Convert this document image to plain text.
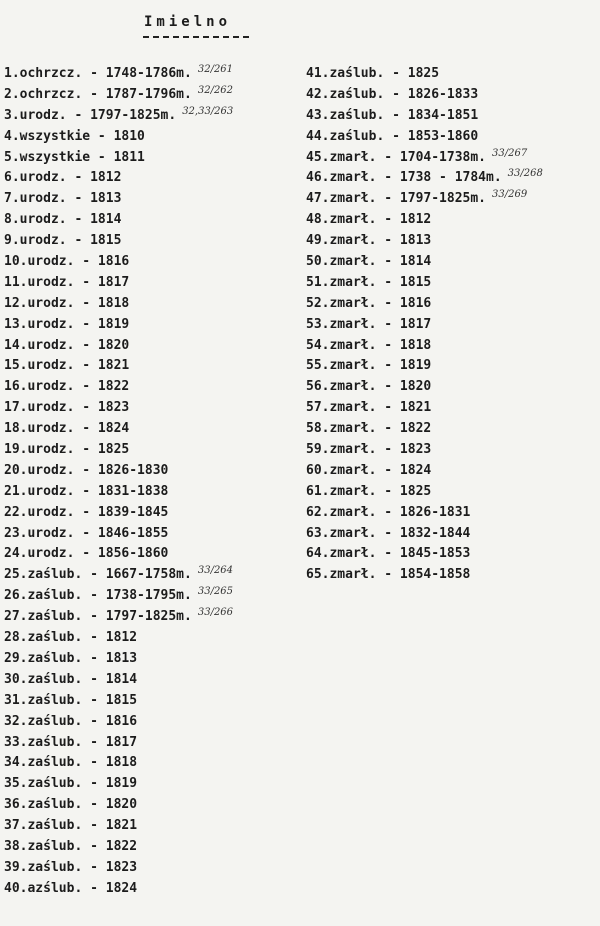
Imielno
1.ochrzcz. - 1748-1786m. $^{32/261}$
2.ochrzcz. - 1787-1796m. $^{32/262}$
3.urodz. - 1797-1825m. $^{32,33/263}$
4.wszystkie - 1810
5.wszystkie - 1811
6.urodz. - 1812
7.urodz. - 1813
8.urodz. - 1814
9.urodz. - 1815
10.urodz. - 1816
11.urodz. - 1817
12.urodz. - 1818
13.urodz. - 1819
14.urodz. - 1820
15.urodz. - 1821
16.urodz. - 1822
17.urodz. - 1823
18.urodz. - 1824
19.urodz. - 1825
20.urodz. - 1826-1830
21.urodz. - 1831-1838
22.urodz. - 1839-1845
23.urodz. - 1846-1855
24.urodz. - 1856-1860
25.zaślub. - 1667-1758m. $^{33/264}$
26.zaślub. - 1738-1795m. $^{33/265}$
27.zaślub. - 1797-1825m. $^{33/266}$
28.zaślub. - 1812
29.zaślub. - 1813
30.zaślub. - 1814
31.zaślub. - 1815
32.zaślub. - 1816
33.zaślub. - 1817
34.zaślub. - 1818
35.zaślub. - 1819
36.zaślub. - 1820
37.zaślub. - 1821
38.zaślub. - 1822
39.zaślub. - 1823
40.azślub. - 1824
41.zaślub. - 1825
42.zaślub. - 1826-1833
43.zaślub. - 1834-1851
44.zaślub. - 1853-1860
45.zmarł. - 1704-1738m. $^{33/267}$
46.zmarł. - 1738 - 1784m. $^{33/268}$
47.zmarł. - 1797-1825m. $^{33/269}$
48.zmarł. - 1812
49.zmarł. - 1813
50.zmarł. - 1814
51.zmarł. - 1815
52.zmarł. - 1816
53.zmarł. - 1817
54.zmarł. - 1818
55.zmarł. - 1819
56.zmarł. - 1820
57.zmarł. - 1821
58.zmarł. - 1822
59.zmarł. - 1823
60.zmarł. - 1824
61.zmarł. - 1825
62.zmarł. - 1826-1831
63.zmarł. - 1832-1844
64.zmarł. - 1845-1853
65.zmarł. - 1854-1858
